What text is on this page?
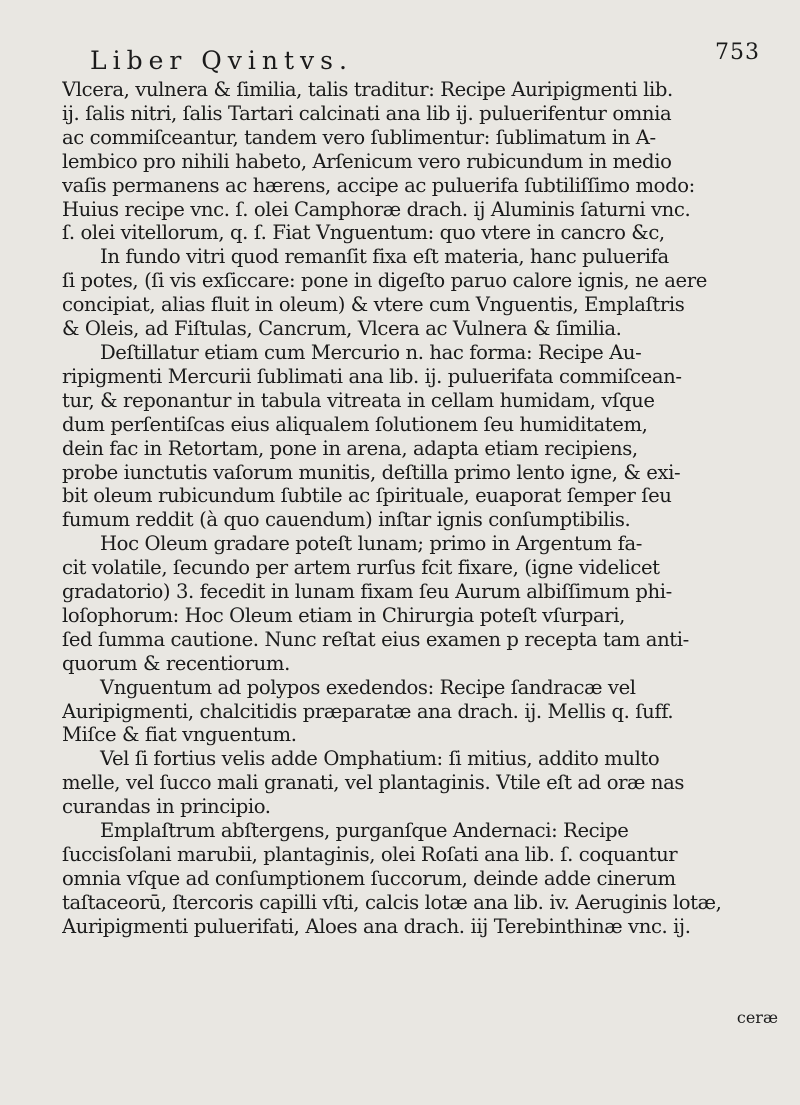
Liber Qvintvs.	753
Vlcera, vulnera & ſimilia, talis traditur: Recipe Auripigmenti lib.
ij. ſalis nitri, ſalis Tartari calcinati ana lib ij. puluerifentur omnia
ac commiſceantur, tandem vero ſublimentur: ſublimatum in A-
lembico pro nihili habeto, Arſenicum vero rubicundum in medio
vaſis permanens ac hærens, accipe ac puluerifa ſubtiliſſimo modo:
Huius recipe vnc. ſ. olei Camphoræ drach. ij Aluminis ſaturni vnc.
ſ. olei vitellorum, q. ſ. Fiat Vnguentum: quo vtere in cancro &c,
In fundo vitri quod remanſit fixa eſt materia, hanc puluerifa
ſi potes, (ſi vis exſiccare: pone in digeſto paruo calore ignis, ne aere
concipiat, alias fluit in oleum) & vtere cum Vnguentis, Emplaſtris
& Oleis, ad Fiſtulas, Cancrum, Vlcera ac Vulnera & ſimilia.
Deſtillatur etiam cum Mercurio n. hac forma: Recipe Au-
ripigmenti Mercurii ſublimati ana lib. ij. puluerifata commiſcean-
tur, & reponantur in tabula vitreata in cellam humidam, vſque
dum perſentiſcas eius aliqualem ſolutionem ſeu humiditatem,
dein fac in Retortam, pone in arena, adapta etiam recipiens,
probe iunctutis vaſorum munitis, deſtilla primo lento igne, & exi-
bit oleum rubicundum ſubtile ac ſpirituale, euaporat ſemper ſeu
fumum reddit (à quo cauendum) inſtar ignis conſumptibilis.
Hoc Oleum gradare poteſt lunam; primo in Argentum fa-
cit volatile, ſecundo per artem rurſus fcit fixare, (igne videlicet
gradatorio) 3. fecedit in lunam fixam ſeu Aurum albiſſimum phi-
loſophorum: Hoc Oleum etiam in Chirurgia poteſt vſurpari,
ſed ſumma cautione. Nunc reſtat eius examen p recepta tam anti-
quorum & recentiorum.
Vnguentum ad polypos exedendos: Recipe ſandracæ vel
Auripigmenti, chalcitidis præparatæ ana drach. ij. Mellis q. ſuff.
Miſce & fiat vnguentum.
Vel ſi fortius velis adde Omphatium: ſi mitius, addito multo
melle, vel ſucco mali granati, vel plantaginis. Vtile eſt ad oræ nas
curandas in principio.
Emplaſtrum abſtergens, purganſque Andernaci: Recipe
ſuccisſolani marubii, plantaginis, olei Roſati ana lib. ſ. coquantur
omnia vſque ad conſumptionem ſuccorum, deinde adde cinerum
taſtaceorū, ſtercoris capilli vſti, calcis lotæ ana lib. iv. Aeruginis lotæ,
Auripigmenti puluerifati, Aloes ana drach. iij Terebinthinæ vnc. ij.
ceræ
